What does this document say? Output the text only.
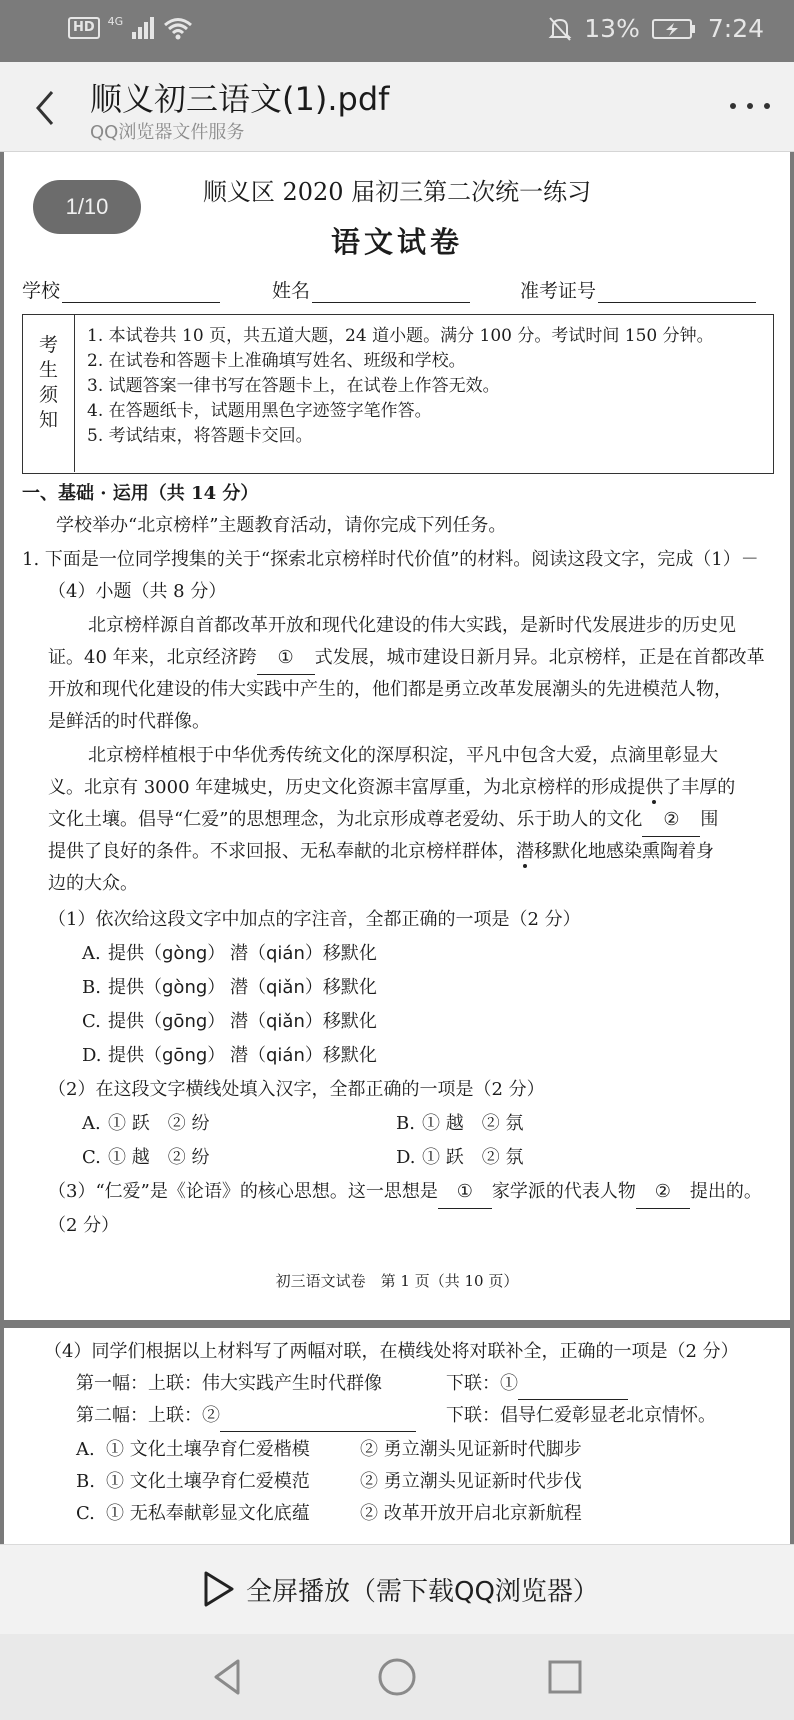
HD	4G	13%	7:24
顺义初三语文(1).pdf
QQ浏览器文件服务
1/10
顺义区 2020 届初三第二次统一练习
语文试卷
学校	姓名	准考证号
考
生
须
知
1. 本试卷共 10 页，共五道大题，24 道小题。满分 100 分。考试时间 150 分钟。
2. 在试卷和答题卡上准确填写姓名、班级和学校。
3. 试题答案一律书写在答题卡上，在试卷上作答无效。
4. 在答题纸卡，试题用黑色字迹签字笔作答。
5. 考试结束，将答题卡交回。
一、基础 · 运用（共 14 分）
学校举办“北京榜样”主题教育活动，请你完成下列任务。
1. 下面是一位同学搜集的关于“探索北京榜样时代价值”的材料。阅读这段文字，完成（1）－
（4）小题（共 8 分）
北京榜样源自首都改革开放和现代化建设的伟大实践，是新时代发展进步的历史见
证。40 年来，北京经济跨 ① 式发展，城市建设日新月异。北京榜样，正是在首都改革
开放和现代化建设的伟大实践中产生的，他们都是勇立改革发展潮头的先进模范人物，
是鲜活的时代群像。
北京榜样植根于中华优秀传统文化的深厚积淀，平凡中包含大爱，点滴里彰显大
义。北京有 3000 年建城史，历史文化资源丰富厚重，为北京榜样的形成提供了丰厚的
文化土壤。倡导“仁爱”的思想理念，为北京形成尊老爱幼、乐于助人的文化 ② 围
提供了良好的条件。不求回报、无私奉献的北京榜样群体，潜移默化地感染熏陶着身
边的大众。
（1）依次给这段文字中加点的字注音，全都正确的一项是（2 分）
A. 提供（gòng） 潜（qián）移默化
B. 提供（gòng） 潜（qiǎn）移默化
C. 提供（gōng） 潜（qiǎn）移默化
D. 提供（gōng） 潜（qián）移默化
（2）在这段文字横线处填入汉字，全都正确的一项是（2 分）
A. ① 跃　② 纷	B. ① 越　② 氛
C. ① 越　② 纷	D. ① 跃　② 氛
（3）“仁爱”是《论语》的核心思想。这一思想是 ① 家学派的代表人物 ② 提出的。
（2 分）
初三语文试卷　第 1 页（共 10 页）
（4）同学们根据以上材料写了两幅对联，在横线处将对联补全，正确的一项是（2 分）
第一幅：上联：伟大实践产生时代群像	下联：①
第二幅：上联：②	下联：倡导仁爱彰显老北京情怀。
A. ① 文化土壤孕育仁爱楷模	② 勇立潮头见证新时代脚步
B. ① 文化土壤孕育仁爱模范	② 勇立潮头见证新时代步伐
C. ① 无私奉献彰显文化底蕴	② 改革开放开启北京新航程
全屏播放（需下载QQ浏览器）
